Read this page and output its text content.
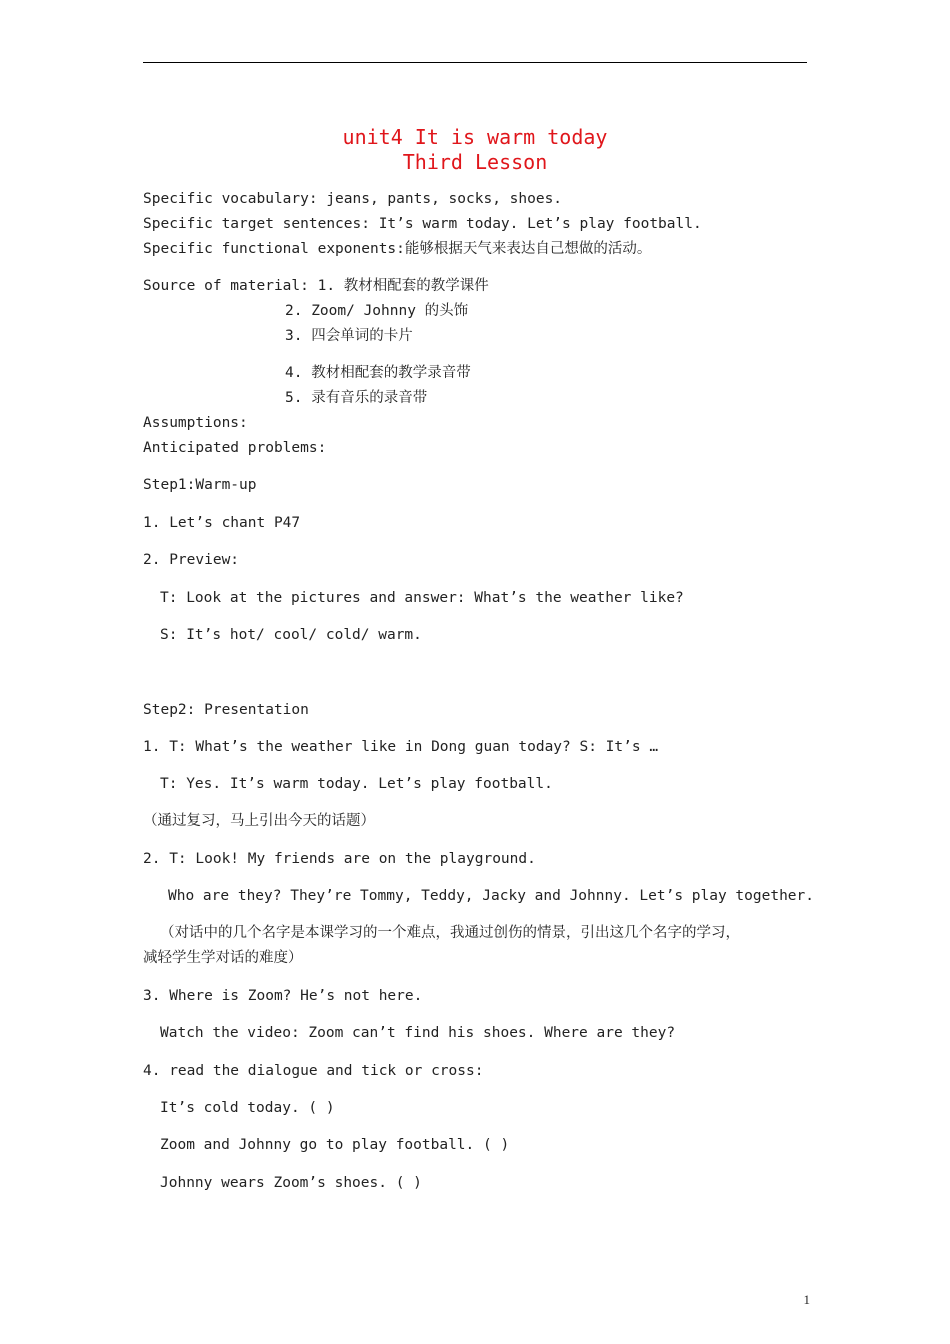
unit4 It is warm today
Third Lesson
Specific vocabulary: jeans, pants, socks, shoes.
Specific target sentences: It’s warm today. Let’s play football.
Specific functional exponents:能够根据天气来表达自己想做的活动。
Source of material: 1. 教材相配套的教学课件
2. Zoom/ Johnny 的头饰
3. 四会单词的卡片
4. 教材相配套的教学录音带
5. 录有音乐的录音带
Assumptions:
Anticipated problems:
Step1:Warm-up
1. Let’s chant P47
2. Preview:
T: Look at the pictures and answer: What’s the weather like?
S: It’s hot/ cool/ cold/ warm.
Step2: Presentation
1. T: What’s the weather like in Dong guan today? S: It’s …
T: Yes. It’s warm today. Let’s play football.
（通过复习，马上引出今天的话题）
2. T: Look! My friends are on the playground.
Who are they? They’re Tommy, Teddy, Jacky and Johnny. Let’s play together.
（对话中的几个名字是本课学习的一个难点，我通过创伤的情景，引出这几个名字的学习，
减轻学生学对话的难度）
3. Where is Zoom? He’s not here.
Watch the video: Zoom can’t find his shoes. Where are they?
4. read the dialogue and tick or cross:
It’s cold today. ( )
Zoom and Johnny go to play football. ( )
Johnny wears Zoom’s shoes. ( )
1
